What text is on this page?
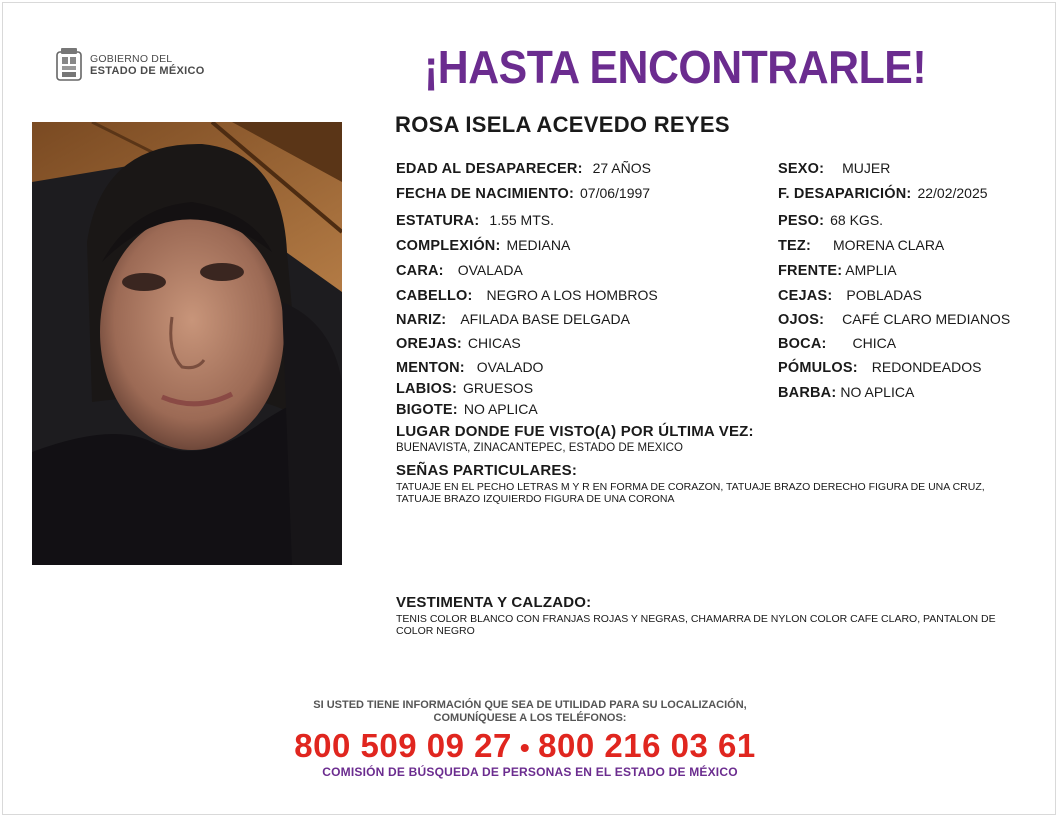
GOBIERNO DEL
ESTADO DE MÉXICO	¡HASTA ENCONTRARLE!
ROSA ISELA ACEVEDO REYES
EDAD AL DESAPARECER: 27 AÑOS
FECHA DE NACIMIENTO: 07/06/1997
ESTATURA: 1.55 MTS.
COMPLEXIÓN: MEDIANA
CARA: OVALADA
CABELLO: NEGRO A LOS HOMBROS
NARIZ: AFILADA BASE DELGADA
OREJAS: CHICAS
MENTON: OVALADO
LABIOS: GRUESOS
BIGOTE: NO APLICA
SEXO: MUJER
F. DESAPARICIÓN: 22/02/2025
PESO: 68 KGS.
TEZ: MORENA CLARA
FRENTE: AMPLIA
CEJAS: POBLADAS
OJOS: CAFÉ CLARO MEDIANOS
BOCA: CHICA
PÓMULOS: REDONDEADOS
BARBA: NO APLICA
LUGAR DONDE FUE VISTO(A) POR ÚLTIMA VEZ:
BUENAVISTA, ZINACANTEPEC, ESTADO DE MEXICO
SEÑAS PARTICULARES:
TATUAJE EN EL PECHO LETRAS M Y R EN FORMA DE CORAZON, TATUAJE BRAZO DERECHO FIGURA DE UNA CRUZ,
TATUAJE BRAZO IZQUIERDO FIGURA DE UNA CORONA
VESTIMENTA Y CALZADO:
TENIS COLOR BLANCO CON FRANJAS ROJAS Y NEGRAS, CHAMARRA DE NYLON COLOR CAFE CLARO, PANTALON DE
COLOR NEGRO
SI USTED TIENE INFORMACIÓN QUE SEA DE UTILIDAD PARA SU LOCALIZACIÓN,
COMUNÍQUESE A LOS TELÉFONOS:
800 509 09 27 • 800 216 03 61
COMISIÓN DE BÚSQUEDA DE PERSONAS EN EL ESTADO DE MÉXICO
